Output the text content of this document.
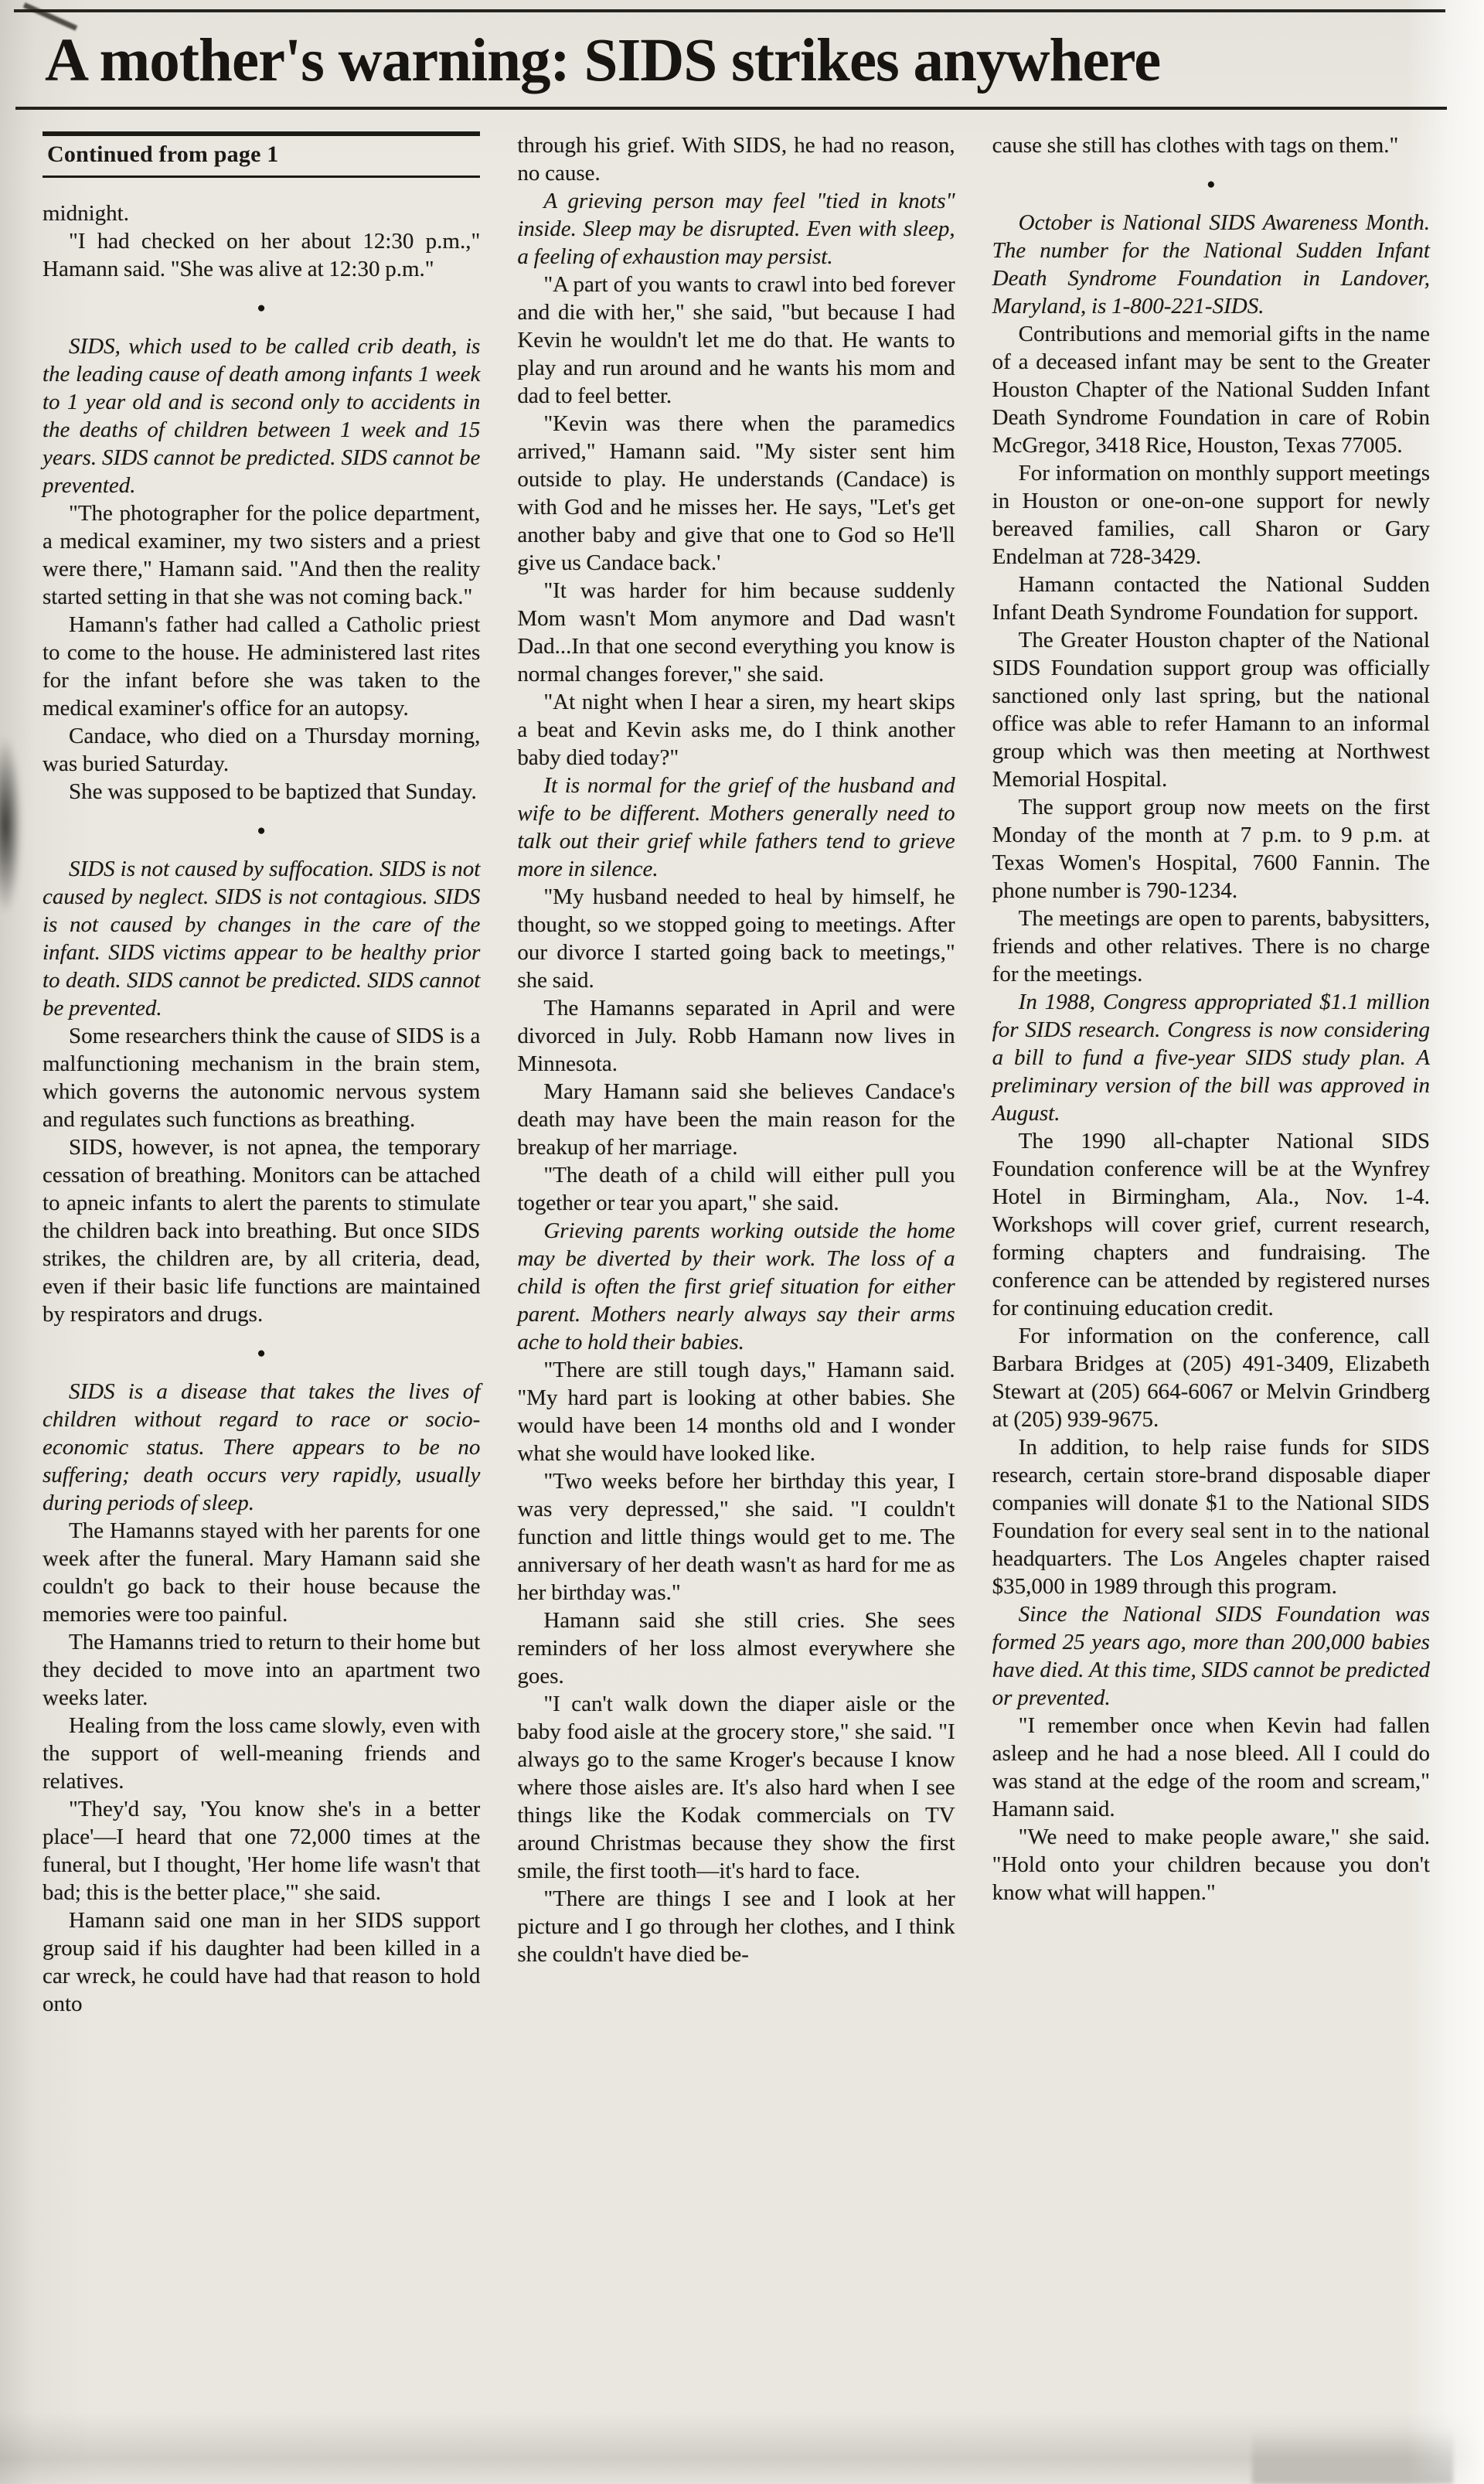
A mother's warning: SIDS strikes anywhere
Continued from page 1

midnight.

"I had checked on her about 12:30 p.m.," Hamann said. "She was alive at 12:30 p.m."

●

SIDS, which used to be called crib death, is the leading cause of death among infants 1 week to 1 year old and is second only to accidents in the deaths of children between 1 week and 15 years. SIDS cannot be predicted. SIDS cannot be prevented.

"The photographer for the police department, a medical examiner, my two sisters and a priest were there," Hamann said. "And then the reality started setting in that she was not coming back."

Hamann's father had called a Catholic priest to come to the house. He administered last rites for the infant before she was taken to the medical examiner's office for an autopsy.

Candace, who died on a Thursday morning, was buried Saturday.

She was supposed to be baptized that Sunday.

●

SIDS is not caused by suffocation. SIDS is not caused by neglect. SIDS is not contagious. SIDS is not caused by changes in the care of the infant. SIDS victims appear to be healthy prior to death. SIDS cannot be predicted. SIDS cannot be prevented.

Some researchers think the cause of SIDS is a malfunctioning mechanism in the brain stem, which governs the autonomic nervous system and regulates such functions as breathing.

SIDS, however, is not apnea, the temporary cessation of breathing. Monitors can be attached to apneic infants to alert the parents to stimulate the children back into breathing. But once SIDS strikes, the children are, by all criteria, dead, even if their basic life functions are maintained by respirators and drugs.

●

SIDS is a disease that takes the lives of children without regard to race or socio-economic status. There appears to be no suffering; death occurs very rapidly, usually during periods of sleep.

The Hamanns stayed with her parents for one week after the funeral. Mary Hamann said she couldn't go back to their house because the memories were too painful.

The Hamanns tried to return to their home but they decided to move into an apartment two weeks later.

Healing from the loss came slowly, even with the support of well-meaning friends and relatives.

"They'd say, 'You know she's in a better place'—I heard that one 72,000 times at the funeral, but I thought, 'Her home life wasn't that bad; this is the better place,'" she said.

Hamann said one man in her SIDS support group said if his daughter had been killed in a car wreck, he could have had that reason to hold onto

through his grief. With SIDS, he had no reason, no cause.

A grieving person may feel "tied in knots" inside. Sleep may be disrupted. Even with sleep, a feeling of exhaustion may persist.

"A part of you wants to crawl into bed forever and die with her," she said, "but because I had Kevin he wouldn't let me do that. He wants to play and run around and he wants his mom and dad to feel better.

"Kevin was there when the paramedics arrived," Hamann said. "My sister sent him outside to play. He understands (Candace) is with God and he misses her. He says, ''Let's get another baby and give that one to God so He'll give us Candace back.'

"It was harder for him because suddenly Mom wasn't Mom anymore and Dad wasn't Dad...In that one second everything you know is normal changes forever," she said.

"At night when I hear a siren, my heart skips a beat and Kevin asks me, do I think another baby died today?"

It is normal for the grief of the husband and wife to be different. Mothers generally need to talk out their grief while fathers tend to grieve more in silence.

"My husband needed to heal by himself, he thought, so we stopped going to meetings. After our divorce I started going back to meetings," she said.

The Hamanns separated in April and were divorced in July. Robb Hamann now lives in Minnesota.

Mary Hamann said she believes Candace's death may have been the main reason for the breakup of her marriage.

"The death of a child will either pull you together or tear you apart," she said.

Grieving parents working outside the home may be diverted by their work. The loss of a child is often the first grief situation for either parent. Mothers nearly always say their arms ache to hold their babies.

"There are still tough days," Hamann said. "My hard part is looking at other babies. She would have been 14 months old and I wonder what she would have looked like.

"Two weeks before her birthday this year, I was very depressed," she said. "I couldn't function and little things would get to me. The anniversary of her death wasn't as hard for me as her birthday was."

Hamann said she still cries. She sees reminders of her loss almost everywhere she goes.

"I can't walk down the diaper aisle or the baby food aisle at the grocery store," she said. "I always go to the same Kroger's because I know where those aisles are. It's also hard when I see things like the Kodak commercials on TV around Christmas because they show the first smile, the first tooth—it's hard to face.

"There are things I see and I look at her picture and I go through her clothes, and I think she couldn't have died be-

cause she still has clothes with tags on them."

●

October is National SIDS Awareness Month. The number for the National Sudden Infant Death Syndrome Foundation in Landover, Maryland, is 1-800-221-SIDS.

Contributions and memorial gifts in the name of a deceased infant may be sent to the Greater Houston Chapter of the National Sudden Infant Death Syndrome Foundation in care of Robin McGregor, 3418 Rice, Houston, Texas 77005.

For information on monthly support meetings in Houston or one-on-one support for newly bereaved families, call Sharon or Gary Endelman at 728-3429.

Hamann contacted the National Sudden Infant Death Syndrome Foundation for support.

The Greater Houston chapter of the National SIDS Foundation support group was officially sanctioned only last spring, but the national office was able to refer Hamann to an informal group which was then meeting at Northwest Memorial Hospital.

The support group now meets on the first Monday of the month at 7 p.m. to 9 p.m. at Texas Women's Hospital, 7600 Fannin. The phone number is 790-1234.

The meetings are open to parents, babysitters, friends and other relatives. There is no charge for the meetings.

In 1988, Congress appropriated $1.1 million for SIDS research. Congress is now considering a bill to fund a five-year SIDS study plan. A preliminary version of the bill was approved in August.

The 1990 all-chapter National SIDS Foundation conference will be at the Wynfrey Hotel in Birmingham, Ala., Nov. 1-4. Workshops will cover grief, current research, forming chapters and fundraising. The conference can be attended by registered nurses for continuing education credit.

For information on the conference, call Barbara Bridges at (205) 491-3409, Elizabeth Stewart at (205) 664-6067 or Melvin Grindberg at (205) 939-9675.

In addition, to help raise funds for SIDS research, certain store-brand disposable diaper companies will donate $1 to the National SIDS Foundation for every seal sent in to the national headquarters. The Los Angeles chapter raised $35,000 in 1989 through this program.

Since the National SIDS Foundation was formed 25 years ago, more than 200,000 babies have died. At this time, SIDS cannot be predicted or prevented.

"I remember once when Kevin had fallen asleep and he had a nose bleed. All I could do was stand at the edge of the room and scream," Hamann said.

"We need to make people aware," she said. "Hold onto your children because you don't know what will happen."
